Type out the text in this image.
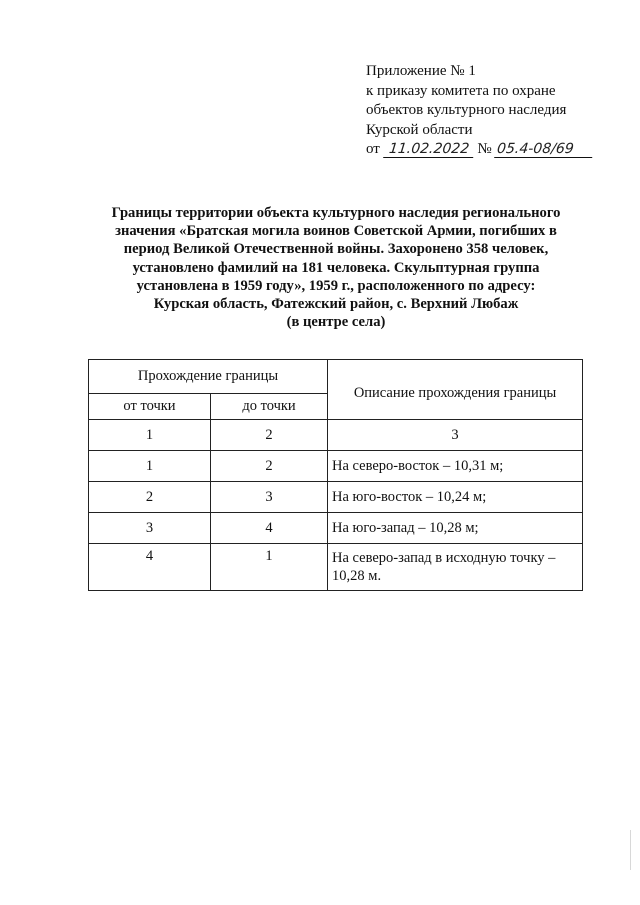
Приложение № 1
к приказу комитета по охране
объектов культурного наследия
Курской области
от 11.02.2022 № 05.4-08/69
Границы территории объекта культурного наследия регионального
значения «Братская могила воинов Советской Армии, погибших в
период Великой Отечественной войны. Захоронено 358 человек,
установлено фамилий на 181 человека. Скульптурная группа
установлена в 1959 году», 1959 г., расположенного по адресу:
Курская область, Фатежский район, с. Верхний Любаж
(в центре села)
Прохождение границы		Описание прохождения границы
от точки	до точки	
1	2	3
1	2	На северо-восток – 10,31 м;
2	3	На юго-восток – 10,24 м;
3	4	На юго-запад – 10,28 м;
4	1	На северо-запад в исходную точку – 10,28 м.
